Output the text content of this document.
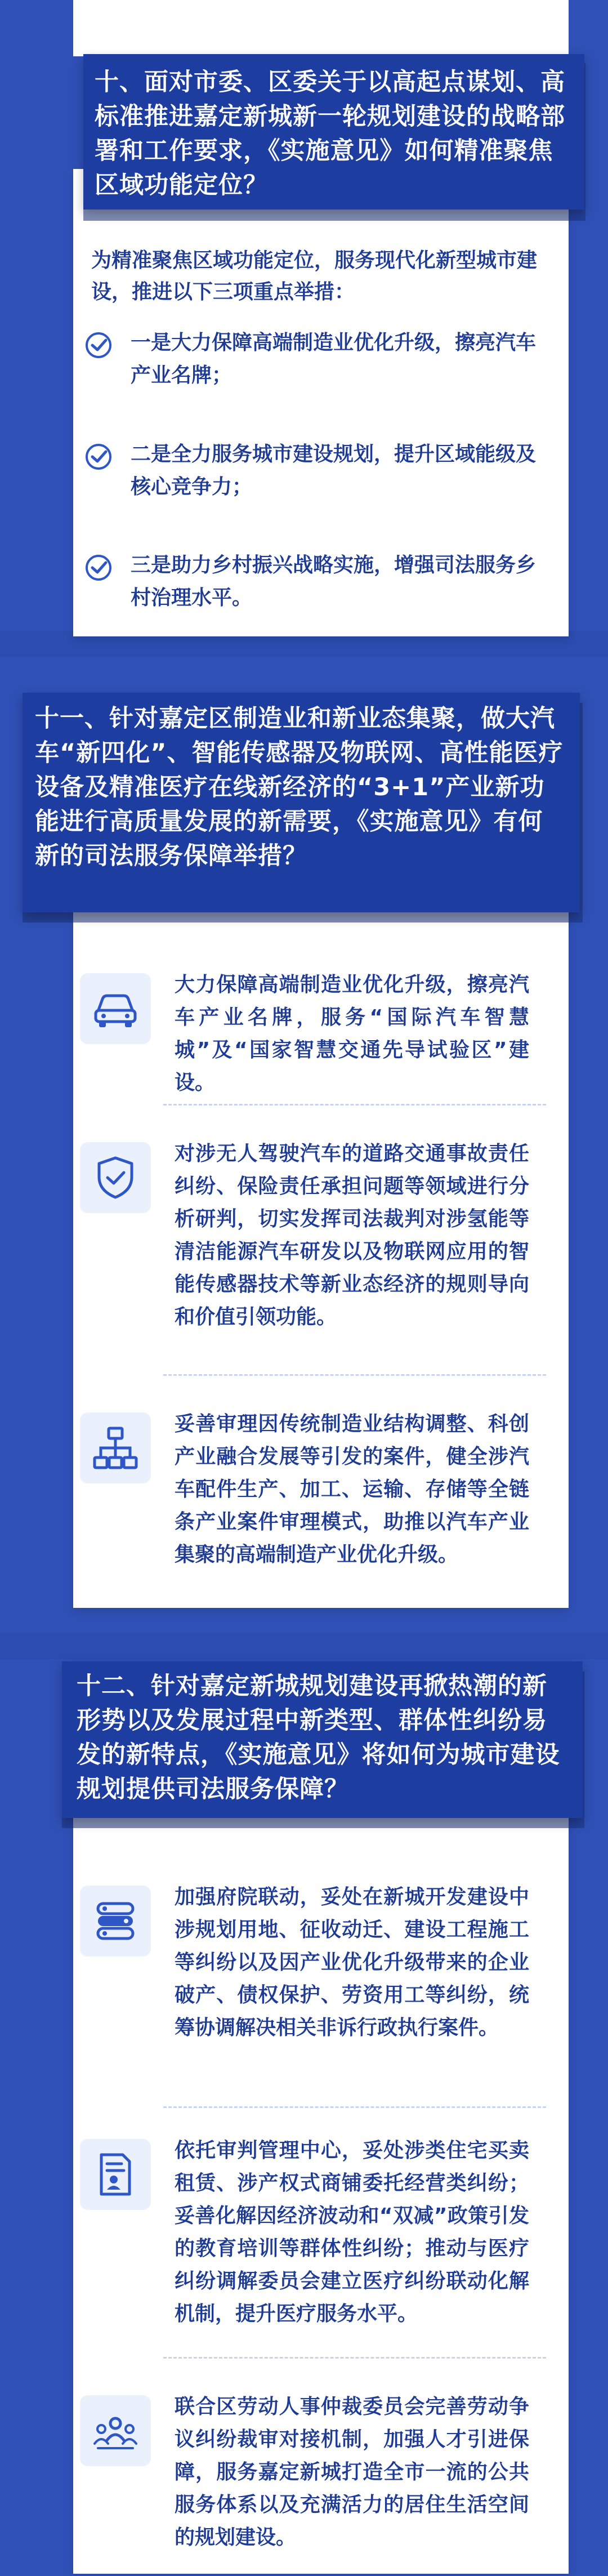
为精准聚焦区域功能定位，服务现代化新型城市建设，推进以下三项重点举措：
一是大力保障高端制造业优化升级，擦亮汽车产业名牌；
二是全力服务城市建设规划，提升区域能级及核心竞争力；
三是助力乡村振兴战略实施，增强司法服务乡村治理水平。
十、面对市委、区委关于以高起点谋划、高标准推进嘉定新城新一轮规划建设的战略部署和工作要求，《实施意见》如何精准聚焦区域功能定位？
大力保障高端制造业优化升级，擦亮汽车产业名牌，服务“国际汽车智慧城”及“国家智慧交通先导试验区”建设。
对涉无人驾驶汽车的道路交通事故责任纠纷、保险责任承担问题等领域进行分析研判，切实发挥司法裁判对涉氢能等清洁能源汽车研发以及物联网应用的智能传感器技术等新业态经济的规则导向和价值引领功能。
妥善审理因传统制造业结构调整、科创产业融合发展等引发的案件，健全涉汽车配件生产、加工、运输、存储等全链条产业案件审理模式，助推以汽车产业集聚的高端制造产业优化升级。
十一、针对嘉定区制造业和新业态集聚，做大汽车“新四化”、智能传感器及物联网、高性能医疗设备及精准医疗在线新经济的“3+1”产业新功能进行高质量发展的新需要，《实施意见》有何新的司法服务保障举措？
加强府院联动，妥处在新城开发建设中涉规划用地、征收动迁、建设工程施工等纠纷以及因产业优化升级带来的企业破产、债权保护、劳资用工等纠纷，统筹协调解决相关非诉行政执行案件。
依托审判管理中心，妥处涉类住宅买卖租赁、涉产权式商铺委托经营类纠纷；妥善化解因经济波动和“双减”政策引发的教育培训等群体性纠纷；推动与医疗纠纷调解委员会建立医疗纠纷联动化解机制，提升医疗服务水平。
联合区劳动人事仲裁委员会完善劳动争议纠纷裁审对接机制，加强人才引进保障，服务嘉定新城打造全市一流的公共服务体系以及充满活力的居住生活空间的规划建设。
十二、针对嘉定新城规划建设再掀热潮的新形势以及发展过程中新类型、群体性纠纷易发的新特点，《实施意见》将如何为城市建设规划提供司法服务保障？
